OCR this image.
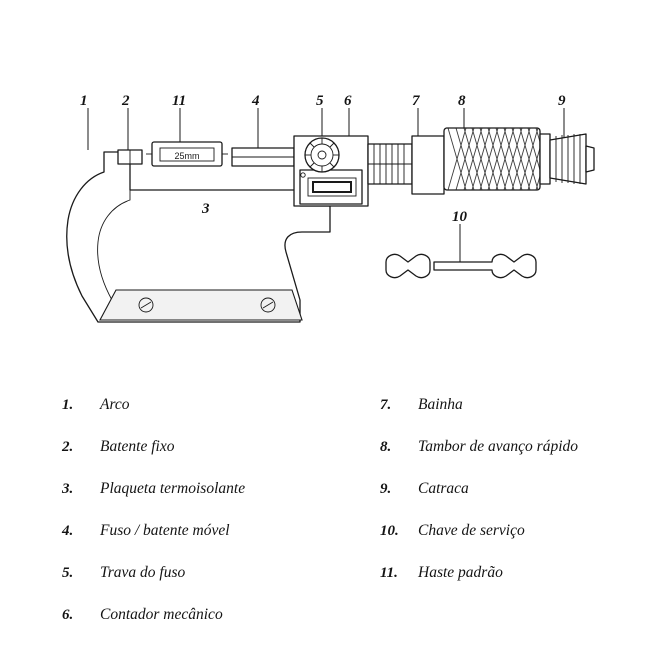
25mm
1 2	11	4	5 6	7	8	9
3	10
1.	Arco
2.	Batente fixo
3.	Plaqueta termoisolante
4.	Fuso / batente móvel
5.	Trava do fuso
6.	Contador mecânico
7.	Bainha
8.	Tambor de avanço rápido
9.	Catraca
10.	Chave de serviço
11.	Haste padrão
